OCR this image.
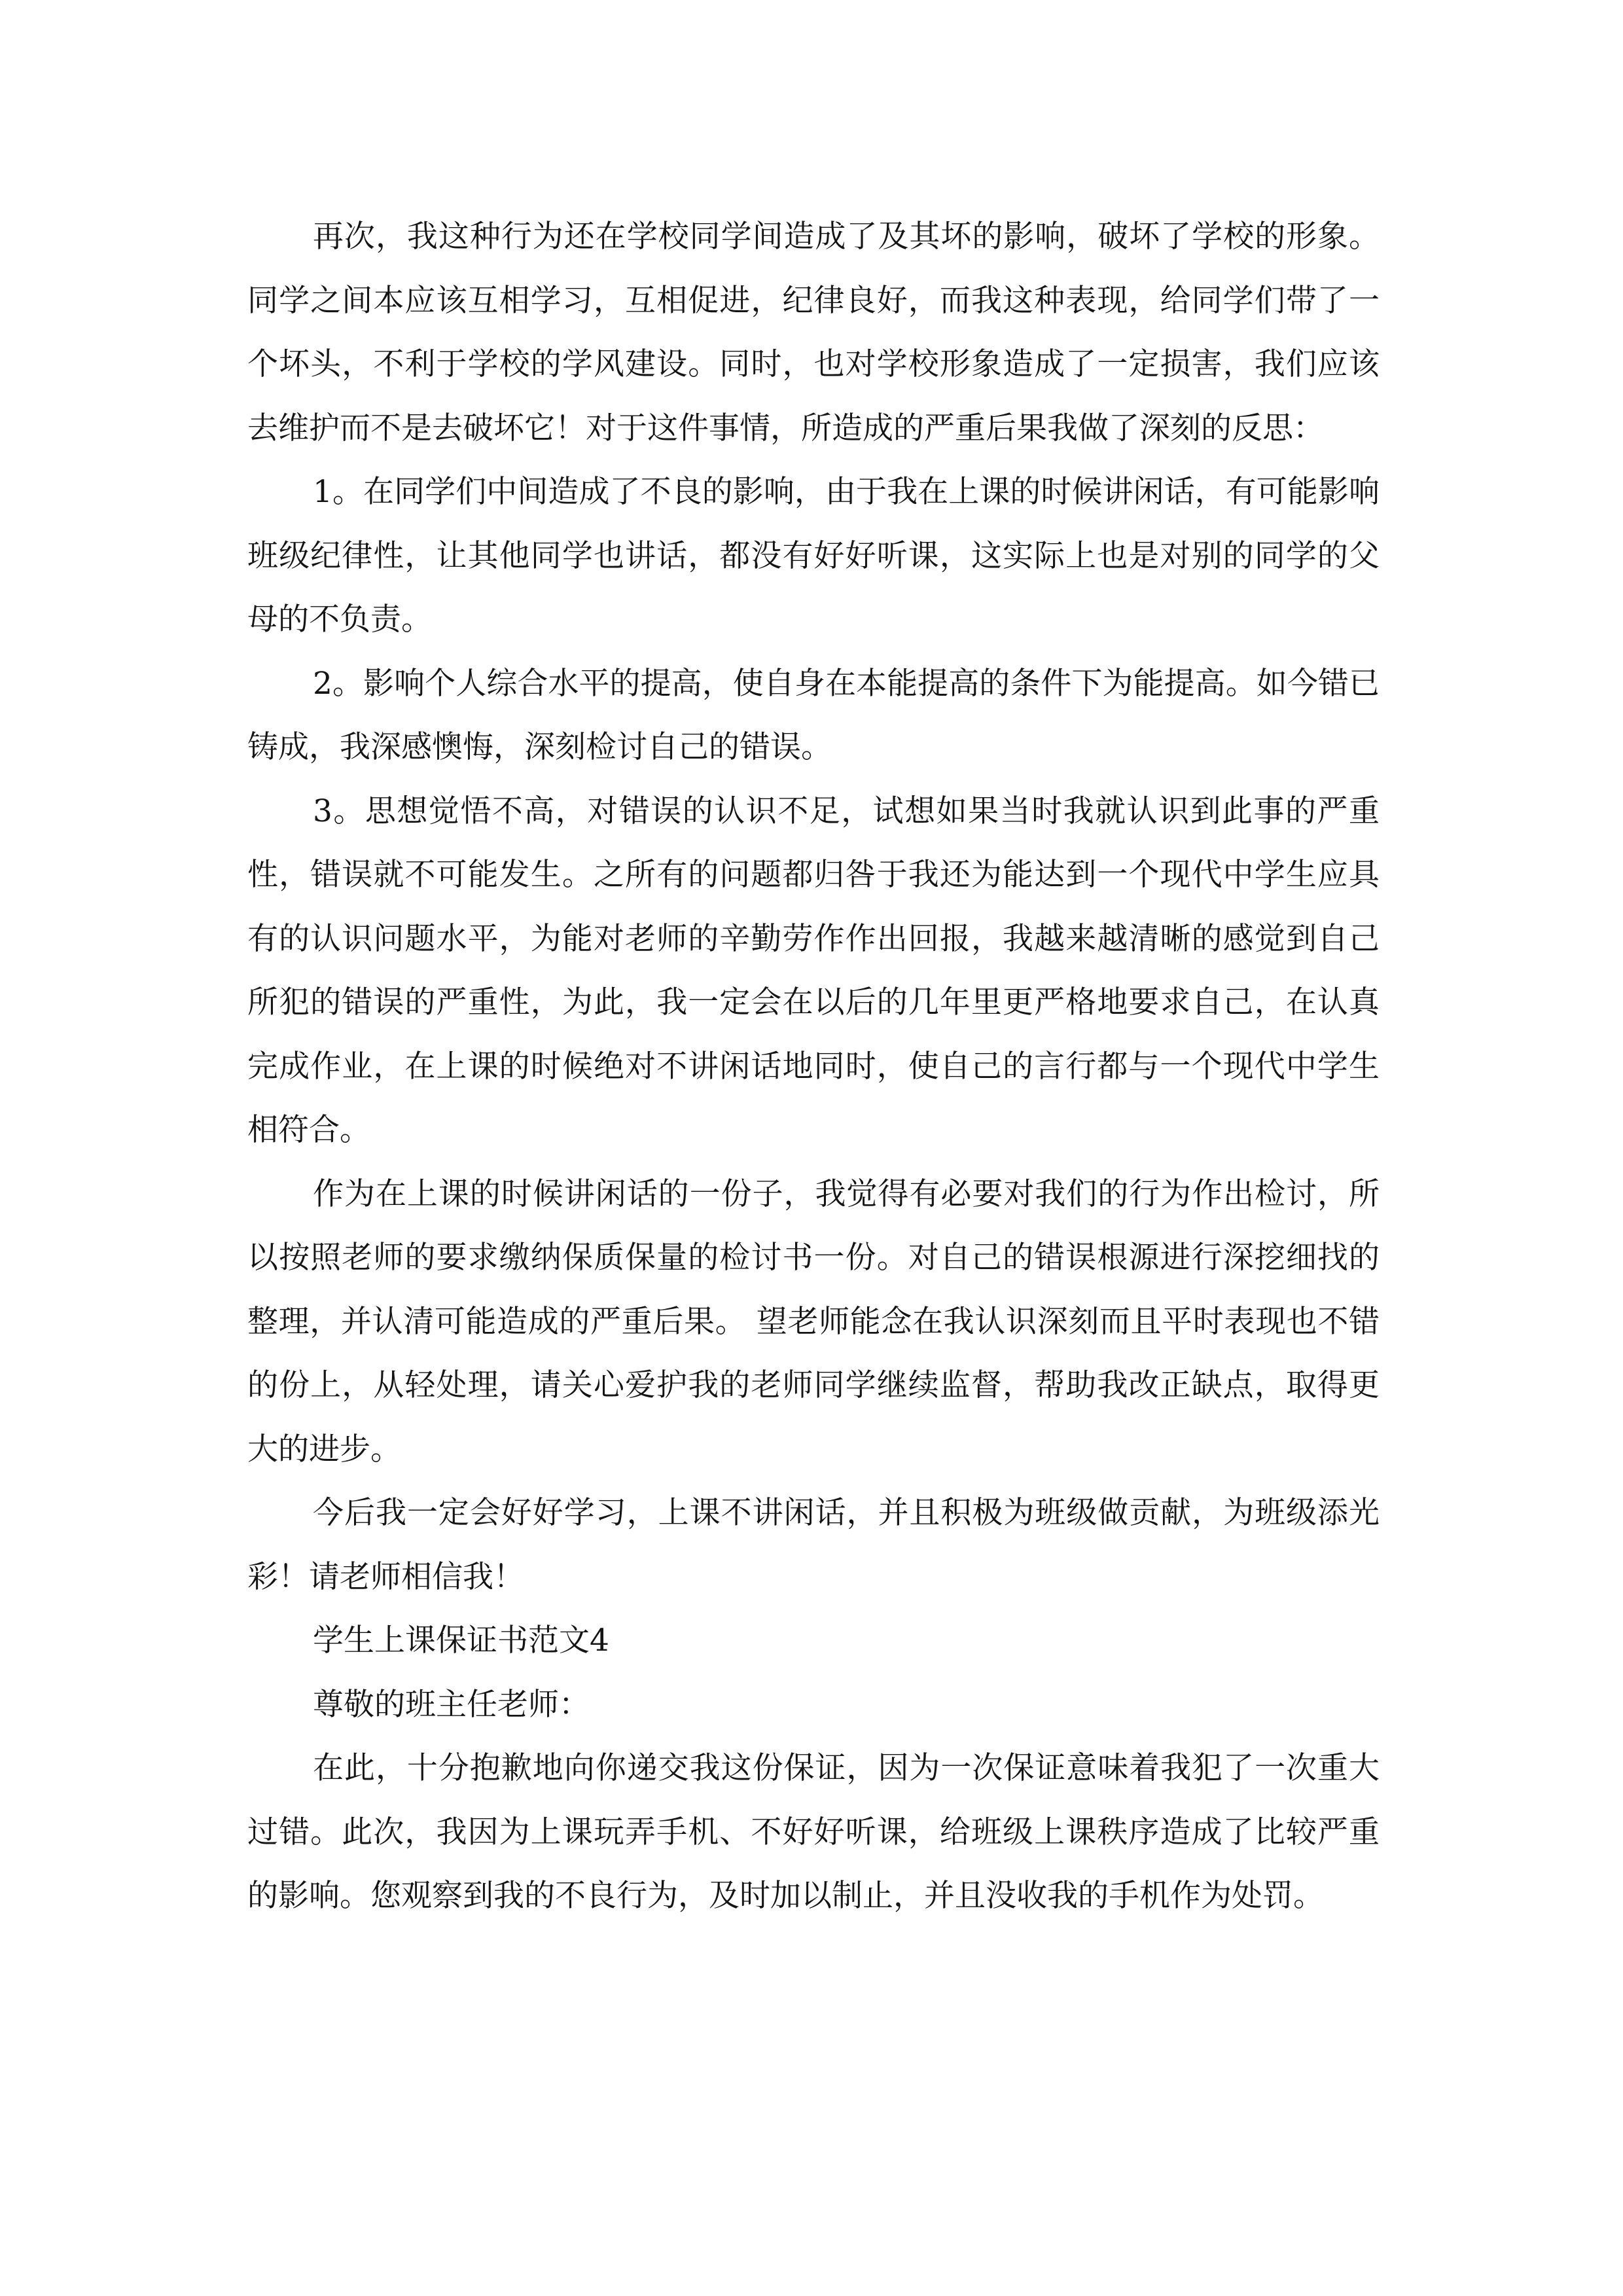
再次，我这种行为还在学校同学间造成了及其坏的影响，破坏了学校的形象。同学之间本应该互相学习，互相促进，纪律良好，而我这种表现，给同学们带了一个坏头，不利于学校的学风建设。同时，也对学校形象造成了一定损害，我们应该去维护而不是去破坏它！对于这件事情，所造成的严重后果我做了深刻的反思：

1。在同学们中间造成了不良的影响，由于我在上课的时候讲闲话，有可能影响班级纪律性，让其他同学也讲话，都没有好好听课，这实际上也是对别的同学的父母的不负责。

2。影响个人综合水平的提高，使自身在本能提高的条件下为能提高。如今错已铸成，我深感懊悔，深刻检讨自己的错误。

3。思想觉悟不高，对错误的认识不足，试想如果当时我就认识到此事的严重性，错误就不可能发生。之所有的问题都归咎于我还为能达到一个现代中学生应具有的认识问题水平，为能对老师的辛勤劳作作出回报，我越来越清晰的感觉到自己所犯的错误的严重性，为此，我一定会在以后的几年里更严格地要求自己，在认真完成作业，在上课的时候绝对不讲闲话地同时，使自己的言行都与一个现代中学生相符合。

作为在上课的时候讲闲话的一份子，我觉得有必要对我们的行为作出检讨，所以按照老师的要求缴纳保质保量的检讨书一份。对自己的错误根源进行深挖细找的整理，并认清可能造成的严重后果。 望老师能念在我认识深刻而且平时表现也不错的份上，从轻处理，请关心爱护我的老师同学继续监督，帮助我改正缺点，取得更大的进步。

今后我一定会好好学习，上课不讲闲话，并且积极为班级做贡献，为班级添光彩！请老师相信我！

学生上课保证书范文4

尊敬的班主任老师：

在此，十分抱歉地向你递交我这份保证，因为一次保证意味着我犯了一次重大过错。此次，我因为上课玩弄手机、不好好听课，给班级上课秩序造成了比较严重的影响。您观察到我的不良行为，及时加以制止，并且没收我的手机作为处罚。
